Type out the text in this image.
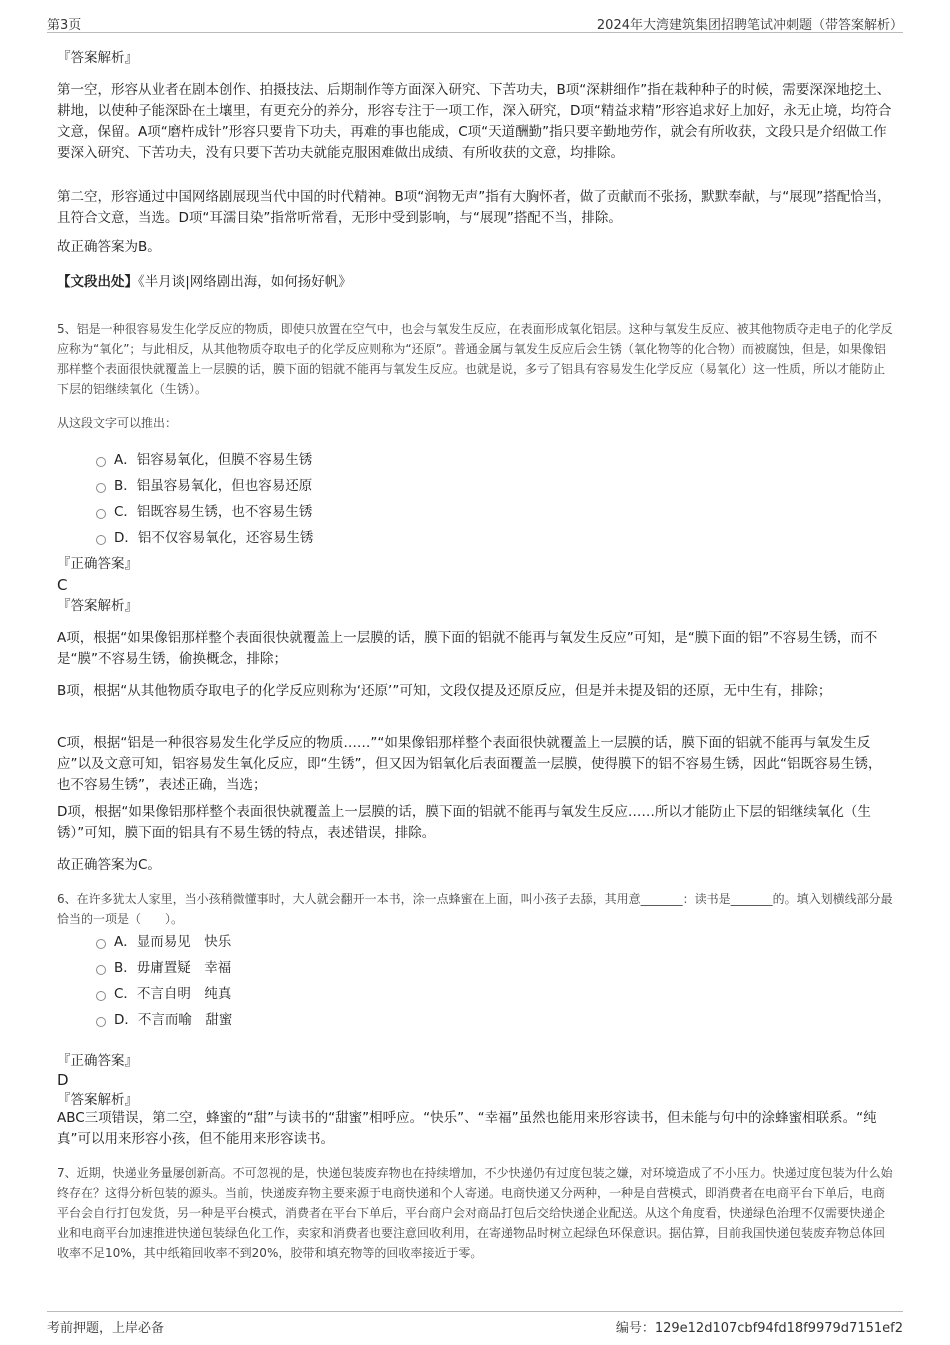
第3页	2024年大湾建筑集团招聘笔试冲刺题（带答案解析）

『答案解析』

第一空，形容从业者在剧本创作、拍摄技法、后期制作等方面深入研究、下苦功夫，B项“深耕细作”指在栽种种子的时候，需要深深地挖土、耕地，以使种子能深卧在土壤里，有更充分的养分，形容专注于一项工作，深入研究，D项“精益求精”形容追求好上加好，永无止境，均符合文意，保留。A项“磨杵成针”形容只要肯下功夫，再难的事也能成，C项“天道酬勤”指只要辛勤地劳作，就会有所收获，文段只是介绍做工作要深入研究、下苦功夫，没有只要下苦功夫就能克服困难做出成绩、有所收获的文意，均排除。

第二空，形容通过中国网络剧展现当代中国的时代精神。B项“润物无声”指有大胸怀者，做了贡献而不张扬，默默奉献，与“展现”搭配恰当，且符合文意，当选。D项“耳濡目染”指常听常看，无形中受到影响，与“展现”搭配不当，排除。

故正确答案为B。

【文段出处】《半月谈|网络剧出海，如何扬好帆》

5、铝是一种很容易发生化学反应的物质，即使只放置在空气中，也会与氧发生反应，在表面形成氧化铝层。这种与氧发生反应、被其他物质夺走电子的化学反应称为“氧化”；与此相反，从其他物质夺取电子的化学反应则称为“还原”。普通金属与氧发生反应后会生锈（氧化物等的化合物）而被腐蚀，但是，如果像铝那样整个表面很快就覆盖上一层膜的话，膜下面的铝就不能再与氧发生反应。也就是说，多亏了铝具有容易发生化学反应（易氧化）这一性质，所以才能防止下层的铝继续氧化（生锈）。

从这段文字可以推出：

A．铝容易氧化，但膜不容易生锈
B．铝虽容易氧化，但也容易还原
C．铝既容易生锈，也不容易生锈
D．铝不仅容易氧化，还容易生锈

『正确答案』

C

『答案解析』

A项，根据“如果像铝那样整个表面很快就覆盖上一层膜的话，膜下面的铝就不能再与氧发生反应”可知，是“膜下面的铝”不容易生锈，而不是“膜”不容易生锈，偷换概念，排除；

B项，根据“从其他物质夺取电子的化学反应则称为‘还原’”可知，文段仅提及还原反应，但是并未提及铝的还原，无中生有，排除；

C项，根据“铝是一种很容易发生化学反应的物质……”“如果像铝那样整个表面很快就覆盖上一层膜的话，膜下面的铝就不能再与氧发生反应”以及文意可知，铝容易发生氧化反应，即“生锈”，但又因为铝氧化后表面覆盖一层膜，使得膜下的铝不容易生锈，因此“铝既容易生锈，也不容易生锈”，表述正确，当选；

D项，根据“如果像铝那样整个表面很快就覆盖上一层膜的话，膜下面的铝就不能再与氧发生反应……所以才能防止下层的铝继续氧化（生锈）”可知，膜下面的铝具有不易生锈的特点，表述错误，排除。

故正确答案为C。

6、在许多犹太人家里，当小孩稍微懂事时，大人就会翻开一本书，涂一点蜂蜜在上面，叫小孩子去舔，其用意_______：读书是_______的。填入划横线部分最恰当的一项是（　　）。

A．显而易见　快乐
B．毋庸置疑　幸福
C．不言自明　纯真
D．不言而喻　甜蜜

『正确答案』

D

『答案解析』

ABC三项错误，第二空，蜂蜜的“甜”与读书的“甜蜜”相呼应。“快乐”、“幸福”虽然也能用来形容读书，但未能与句中的涂蜂蜜相联系。“纯真”可以用来形容小孩，但不能用来形容读书。

7、近期，快递业务量屡创新高。不可忽视的是，快递包装废弃物也在持续增加，不少快递仍有过度包装之嫌，对环境造成了不小压力。快递过度包装为什么始终存在？这得分析包装的源头。当前，快递废弃物主要来源于电商快递和个人寄递。电商快递又分两种，一种是自营模式，即消费者在电商平台下单后，电商平台会自行打包发货，另一种是平台模式，消费者在平台下单后，平台商户会对商品打包后交给快递企业配送。从这个角度看，快递绿色治理不仅需要快递企业和电商平台加速推进快递包装绿色化工作，卖家和消费者也要注意回收利用，在寄递物品时树立起绿色环保意识。据估算，目前我国快递包装废弃物总体回收率不足10%，其中纸箱回收率不到20%，胶带和填充物等的回收率接近于零。

考前押题，上岸必备	编号：129e12d107cbf94fd18f9979d7151ef2
